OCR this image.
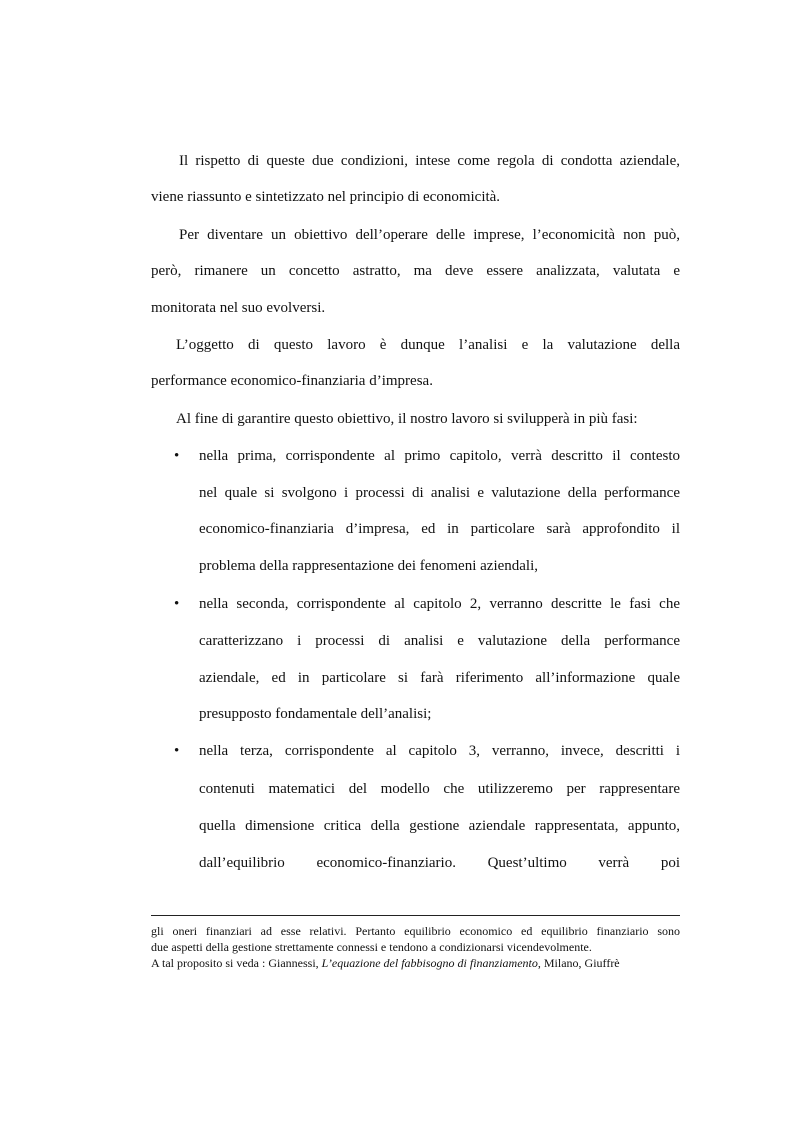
Il rispetto di queste due condizioni, intese come regola di condotta aziendale,
viene riassunto e sintetizzato nel principio di economicità.
Per diventare un obiettivo dell’operare delle imprese, l’economicità non può,
però, rimanere un concetto astratto, ma deve essere analizzata, valutata e
monitorata nel suo evolversi.
L’oggetto di questo lavoro è dunque l’analisi e la valutazione della
performance economico-finanziaria d’impresa.
Al fine di garantire questo obiettivo, il nostro lavoro si svilupperà in più fasi:
• nella prima, corrispondente al primo capitolo, verrà descritto il contesto
nel quale si svolgono i processi di analisi e valutazione della performance
economico-finanziaria d’impresa, ed in particolare sarà approfondito il
problema della rappresentazione dei fenomeni aziendali,
• nella seconda, corrispondente al capitolo 2, verranno descritte le fasi che
caratterizzano i processi di analisi e valutazione della performance
aziendale, ed in particolare si farà riferimento all’informazione quale
presupposto fondamentale dell’analisi;
• nella terza, corrispondente al capitolo 3, verranno, invece, descritti i
contenuti matematici del modello che utilizzeremo per rappresentare
quella dimensione critica della gestione aziendale rappresentata, appunto,
dall’equilibrio economico-finanziario. Quest’ultimo verrà poi
gli oneri finanziari ad esse relativi. Pertanto equilibrio economico ed equilibrio finanziario sono
due aspetti della gestione strettamente connessi e tendono a condizionarsi vicendevolmente.
A tal proposito si veda : Giannessi, L’equazione del fabbisogno di finanziamento, Milano, Giuffrè
